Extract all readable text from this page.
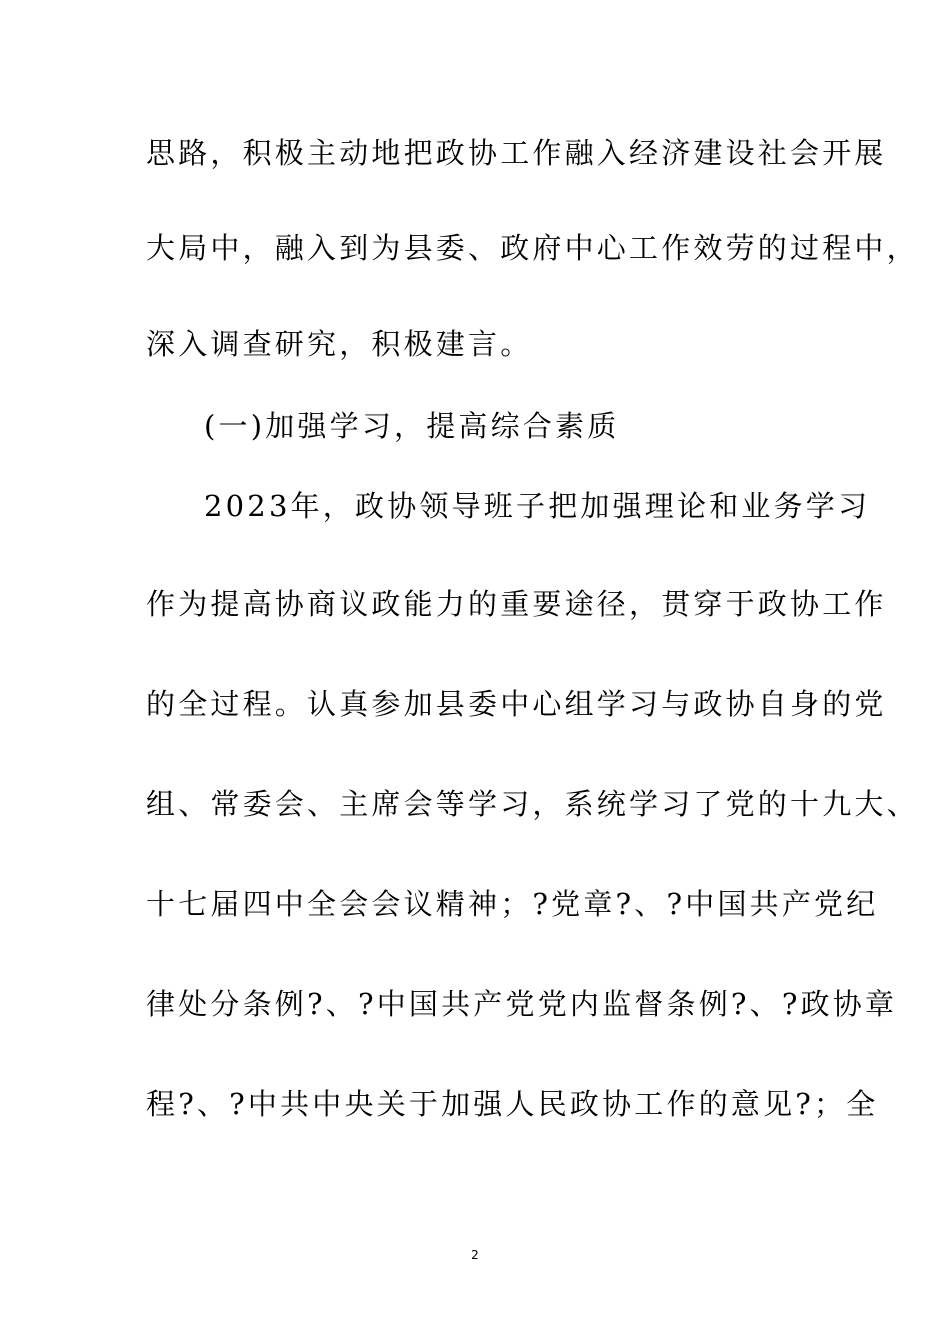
思路，积极主动地把政协工作融入经济建设社会开展
大局中，融入到为县委、政府中心工作效劳的过程中，
深入调查研究，积极建言。
(一)加强学习，提高综合素质
2023年，政协领导班子把加强理论和业务学习
作为提高协商议政能力的重要途径，贯穿于政协工作
的全过程。认真参加县委中心组学习与政协自身的党
组、常委会、主席会等学习，系统学习了党的十九大、
十七届四中全会会议精神；?党章?、?中国共产党纪
律处分条例?、?中国共产党党内监督条例?、?政协章
程?、?中共中央关于加强人民政协工作的意见?；全
2
